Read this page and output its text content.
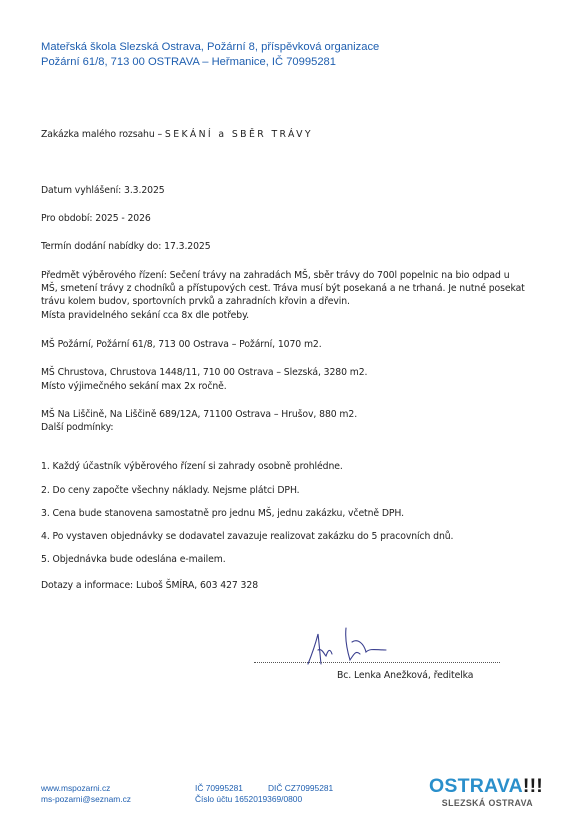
Mateřská škola Slezská Ostrava, Požární 8, příspěvková organizace
Požární 61/8, 713 00 OSTRAVA – Heřmanice, IČ 70995281
Zakázka malého rozsahu – SEKÁNÍ a SBĚR TRÁVY
Datum vyhlášení: 3.3.2025
Pro období: 2025 - 2026
Termín dodání nabídky do: 17.3.2025
Předmět výběrového řízení: Sečení trávy na zahradách MŠ, sběr trávy do 700l popelnic na bio odpad u
MŠ, smetení trávy z chodníků a přístupových cest. Tráva musí být posekaná a ne trhaná. Je nutné posekat
trávu kolem budov, sportovních prvků a zahradních křovin a dřevin.
Místa pravidelného sekání cca 8x dle potřeby.
MŠ Požární, Požární 61/8, 713 00 Ostrava – Požární, 1070 m2.
MŠ Chrustova, Chrustova 1448/11, 710 00 Ostrava – Slezská, 3280 m2.
Místo výjimečného sekání max 2x ročně.
MŠ Na Liščině, Na Liščině 689/12A, 71100 Ostrava – Hrušov, 880 m2.
Další podmínky:
1. Každý účastník výběrového řízení si zahrady osobně prohlédne.
2. Do ceny započte všechny náklady. Nejsme plátci DPH.
3. Cena bude stanovena samostatně pro jednu MŠ, jednu zakázku, včetně DPH.
4. Po vystaven objednávky se dodavatel zavazuje realizovat zakázku do 5 pracovních dnů.
5. Objednávka bude odeslána e-mailem.
Dotazy a informace: Luboš ŠMÍRA, 603 427 328
Bc. Lenka Anežková, ředitelka
www.mspozarni.cz
ms-pozarni@seznam.cz
IČ 70995281	DIČ CZ70995281
Číslo účtu 1652019369/0800
OSTRAVA!!!
SLEZSKÁ OSTRAVA
